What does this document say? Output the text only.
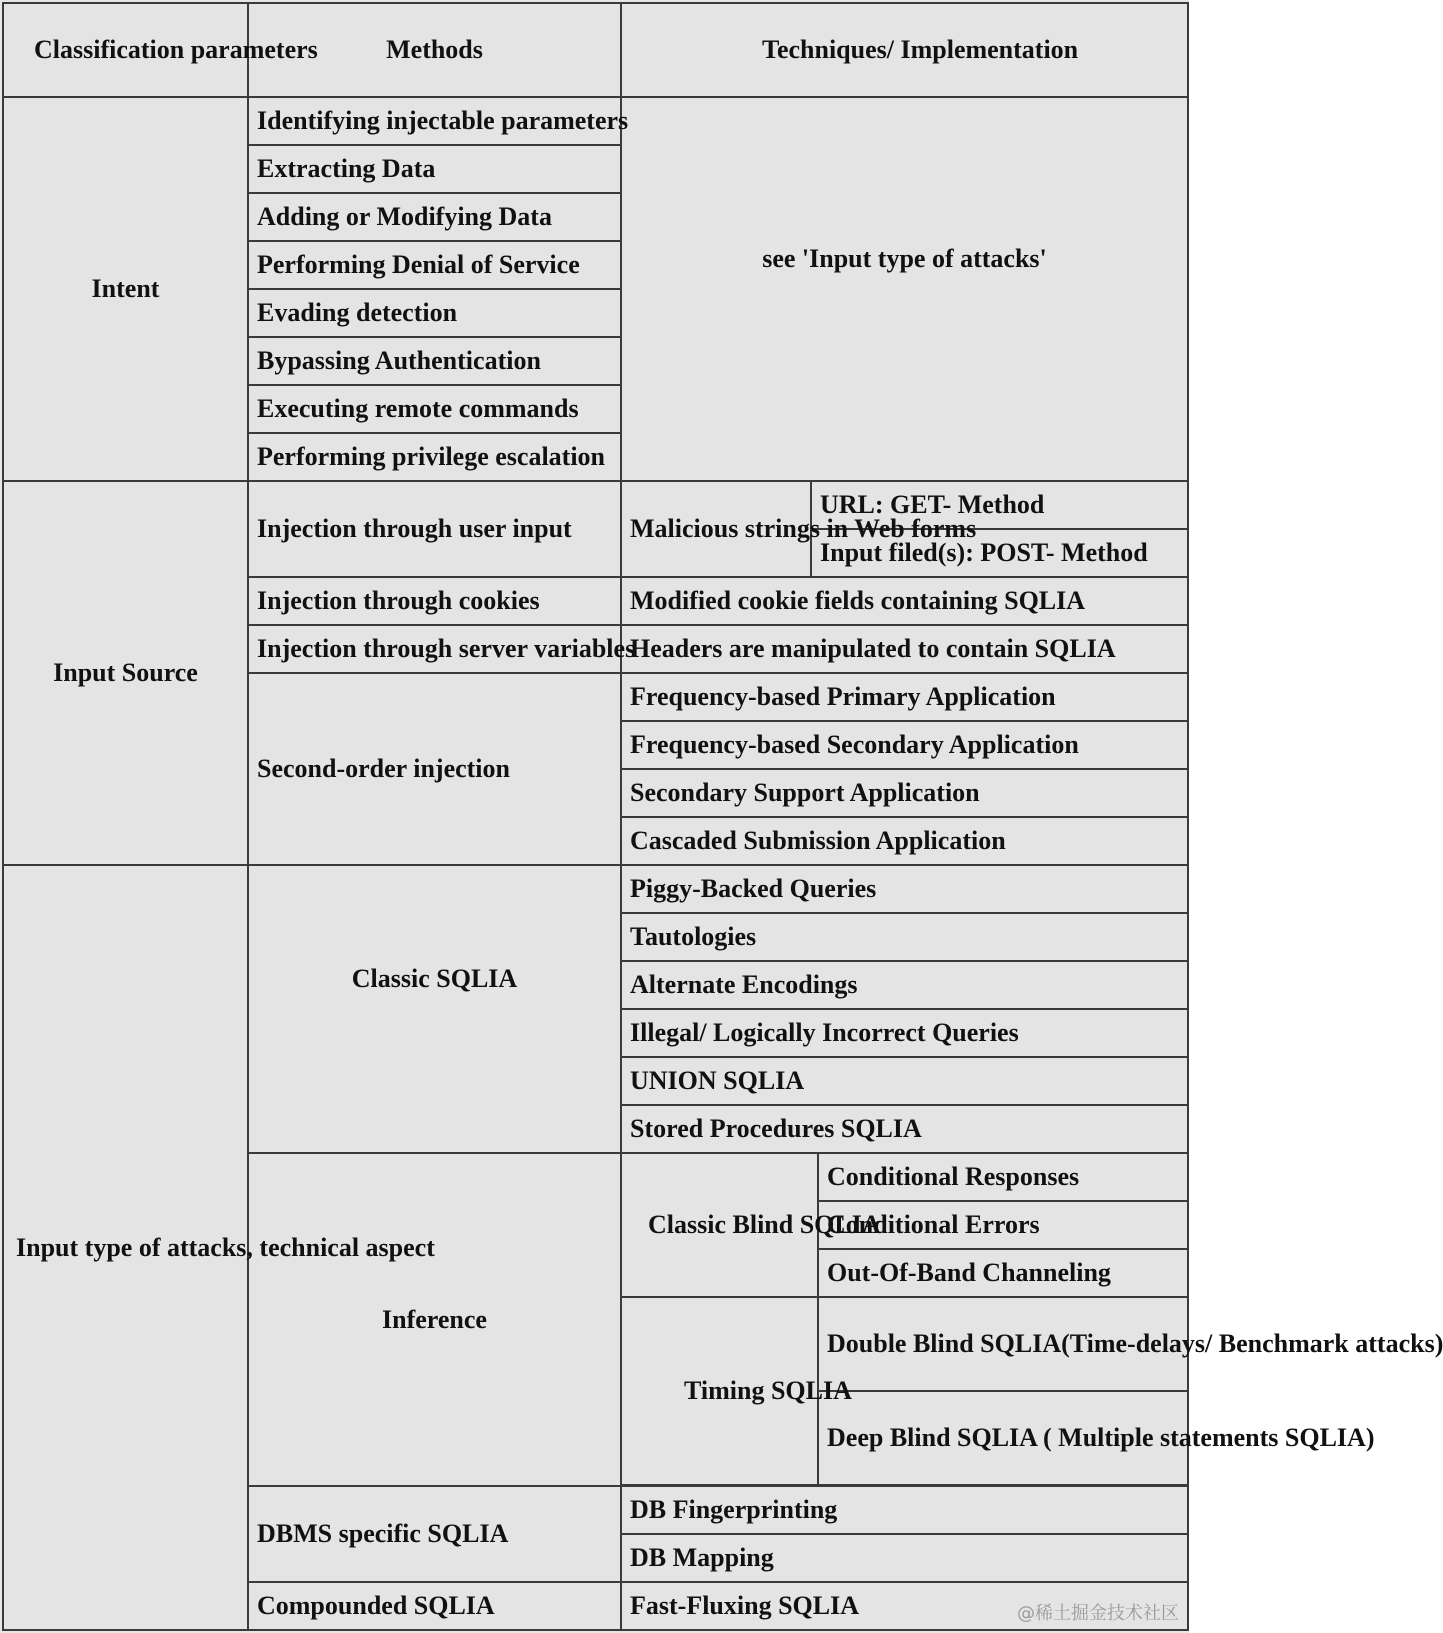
Classification parameters	Methods	Techniques/ Implementation		
Intent	Identifying injectable parameters	see 'Input type of attacks'		
	Extracting Data			
	Adding or Modifying Data			
	Performing Denial of Service			
	Evading detection			
	Bypassing Authentication			
	Executing remote commands			
	Performing privilege escalation			
Input Source	Injection through user input	Malicious strings in Web forms	URL: GET- Method	
			Input filed(s): POST- Method	
	Injection through cookies	Modified cookie fields containing SQLIA		
	Injection through server variables	Headers are manipulated to contain SQLIA		
	Second-order injection	Frequency-based Primary Application		
		Frequency-based Secondary Application		
		Secondary Support Application		
		Cascaded Submission Application		
Input type of attacks, technical aspect	Classic SQLIA	Piggy-Backed Queries		
		Tautologies		
		Alternate Encodings		
		Illegal/ Logically Incorrect Queries		
		UNION SQLIA		
		Stored Procedures SQLIA		
	Inference	Classic Blind SQLIA		Conditional Responses
				Conditional Errors
				Out-Of-Band Channeling
		Timing SQLIA		Double Blind SQLIA(Time-delays/ Benchmark attacks)
				Deep Blind SQLIA ( Multiple statements SQLIA)

	DBMS specific SQLIA	DB Fingerprinting		
		DB Mapping		
	Compounded SQLIA	Fast-Fluxing SQLIA			@稀土掘金技术社区
